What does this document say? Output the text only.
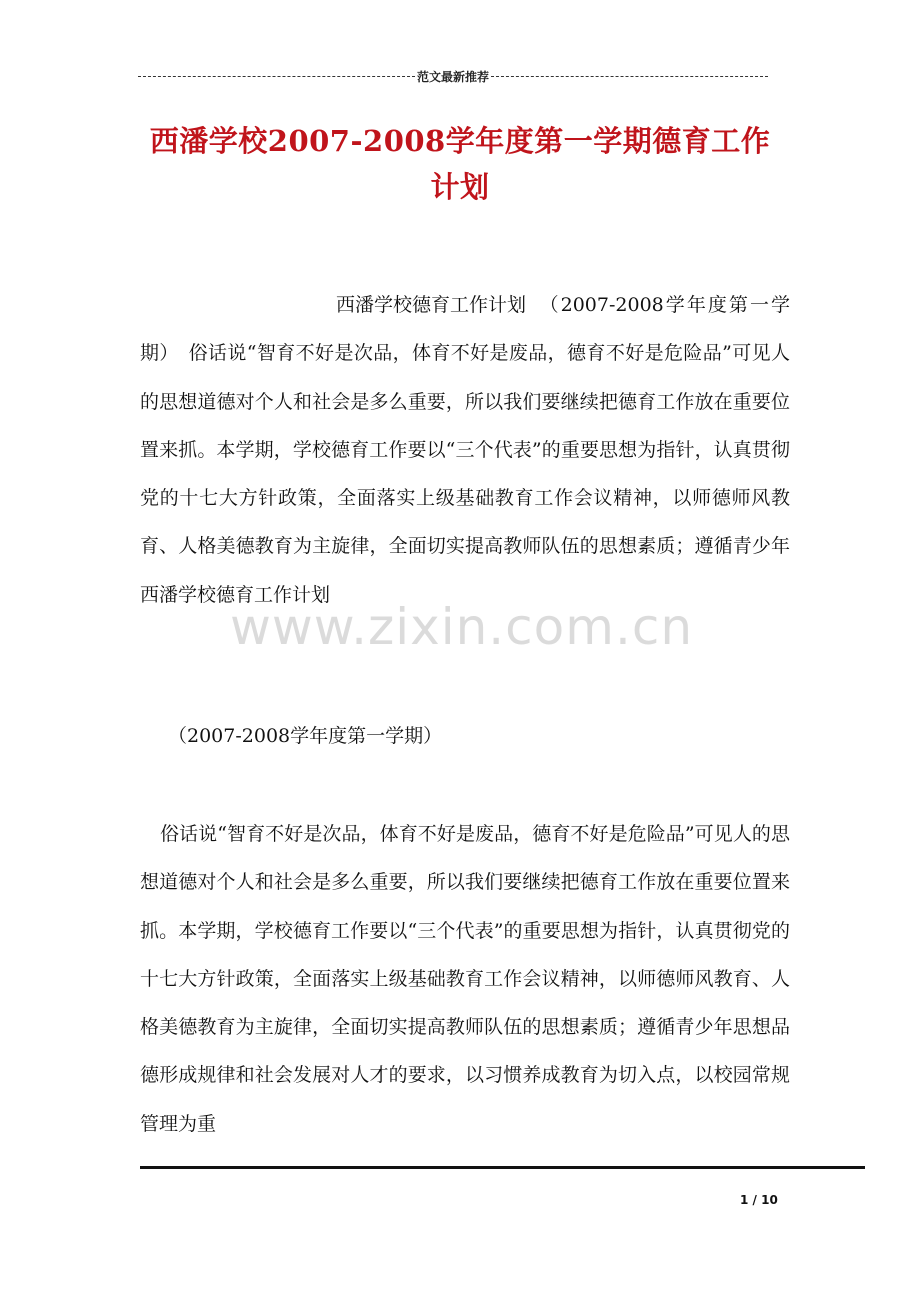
范文最新推荐
西潘学校2007-2008学年度第一学期德育工作计划

西潘学校德育工作计划　（2007-2008学年度第一学期）　俗话说“智育不好是次品，体育不好是废品，德育不好是危险品”可见人的思想道德对个人和社会是多么重要，所以我们要继续把德育工作放在重要位置来抓。本学期，学校德育工作要以“三个代表”的重要思想为指针，认真贯彻党的十七大方针政策，全面落实上级基础教育工作会议精神，以师德师风教育、人格美德教育为主旋律，全面切实提高教师队伍的思想素质；遵循青少年西潘学校德育工作计划

www.zixin.com.cn

（2007-2008学年度第一学期）

俗话说“智育不好是次品，体育不好是废品，德育不好是危险品”可见人的思想道德对个人和社会是多么重要，所以我们要继续把德育工作放在重要位置来抓。本学期，学校德育工作要以“三个代表”的重要思想为指针，认真贯彻党的十七大方针政策，全面落实上级基础教育工作会议精神，以师德师风教育、人格美德教育为主旋律，全面切实提高教师队伍的思想素质；遵循青少年思想品德形成规律和社会发展对人才的要求，以习惯养成教育为切入点，以校园常规管理为重

1 / 10
